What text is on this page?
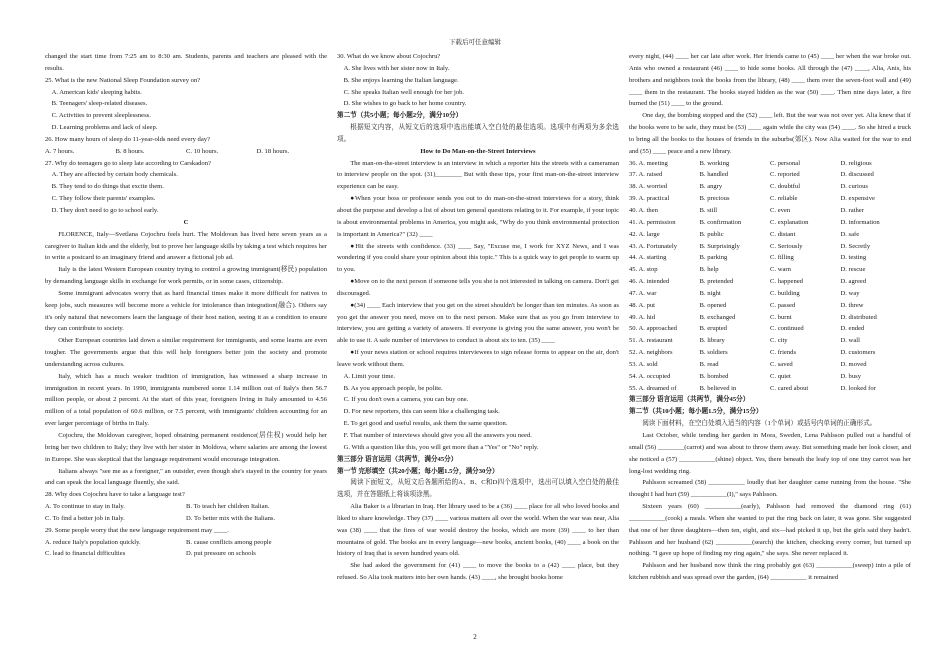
下载后可任意编辑

changed the start time from 7:25 am to 8:30 am. Students, parents and teachers are pleased with the results.

25. What is the new National Sleep Foundation survey on?

A. American kids' sleeping habits.

B. Teenagers' sleep-related diseases.

C. Activities to prevent sleeplessness.

D. Learning problems and lack of sleep.

26. How many hours of sleep do 11-year-olds need every day?

A. 7 hours.	B. 8 hours.	C. 10 hours.	D. 18 hours.

27. Why do teenagers go to sleep late according to Carskadon?

A. They are affected by certain body chemicals.

B. They tend to do things that excite them.

C. They follow their parents' examples.

D. They don't need to go to school early.

C

FLORENCE, Italy—Svetlana Cojochru feels hurt. The Moldovan has lived here seven years as a caregiver to Italian kids and the elderly, but to prove her language skills by taking a test which requires her to write a postcard to an imaginary friend and answer a fictional job ad.

Italy is the latest Western European country trying to control a growing immigrant(移民) population by demanding language skills in exchange for work permits, or in some cases, citizenship.

Some immigrant advocates worry that as hard financial times make it more difficult for natives to keep jobs, such measures will become more a vehicle for intolerance than integration(融合). Others say it's only natural that newcomers learn the language of their host nation, seeing it as a condition to ensure they can contribute to society.

Other European countries laid down a similar requirement for immigrants, and some learns are even tougher. The governments argue that this will help foreigners better join the society and promote understanding across cultures.

Italy, which has a much weaker tradition of immigration, has witnessed a sharp increase in immigration in recent years. In 1990, immigrants numbered some 1.14 million out of Italy's then 56.7 million people, or about 2 percent. At the start of this year, foreigners living in Italy amounted to 4.56 million of a total population of 60.6 million, or 7.5 percent, with immigrants' children accounting for an ever larger percentage of births in Italy.

Cojochru, the Moldovan caregiver, hoped obtaining permanent residence(居住权) would help her bring her two children to Italy; they live with her sister in Moldova, where salaries are among the lowest in Europe. She was skeptical that the language requirement would encourage integration.

Italians always "see me as a foreigner," an outsider, even though she's stayed in the country for years and can speak the local language fluently, she said.

28. Why does Cojochru have to take a language test?

A. To continue to stay in Italy.	B. To teach her children Italian.

C. To find a better job in Italy.	D. To better mix with the Italians.

29. Some people worry that the new language requirement may ____.

A. reduce Italy's population quickly.	B. cause conflicts among people

C. lead to financial difficulties	D. put pressure on schools

30. What do we know about Cojochru?

A. She lives with her sister now in Italy.

B. She enjoys learning the Italian language.

C. She speaks Italian well enough for her job.

D. She wishes to go back to her home country.

第二节（共5小题；每小题2分，满分10分）

根据短文内容，从短文后的选项中选出能填入空白处的最佳选项。选项中有两项为多余选项。

How to Do Man-on-the-Street Interviews

The man-on-the-street interview is an interview in which a reporter hits the streets with a cameraman to interview people on the spot. (31)________ But with these tips, your first man-on-the-street interview experience can be easy.

●When your boss or professor sends you out to do man-on-the-street interviews for a story, think about the purpose and develop a list of about ten general questions relating to it. For example, if your topic is about environmental problems in America, you might ask, "Why do you think environmental protection is important in America?" (32) ____

●Hit the streets with confidence. (33) ____ Say, "Excuse me, I work for XYZ News, and I was wondering if you could share your opinion about this topic." This is a quick way to get people to warm up to you.

●Move on to the next person if someone tells you she is not interested in talking on camera. Don't get discouraged.

●(34) ____ Each interview that you get on the street shouldn't be longer than ten minutes. As soon as you get the answer you need, move on to the next person. Make sure that as you go from interview to interview, you are getting a variety of answers. If everyone is giving you the same answer, you won't be able to use it. A safe number of interviews to conduct is about six to ten. (35) ____

●If your news station or school requires interviewees to sign release forms to appear on the air, don't leave work without them.

A. Limit your time.

B. As you approach people, be polite.

C. If you don't own a camera, you can buy one.

D. For new reporters, this can seem like a challenging task.

E. To get good and useful results, ask them the same question.

F. That number of interviews should give you all the answers you need.

G. With a question like this, you will get more than a "Yes" or "No" reply.

第三部分 语言运用（共两节，满分45分）

第一节 完形填空（共20小题；每小题1.5分，满分30分）

阅读下面短文，从短文后各题所给的A、B、C和D四个选项中，选出可以填入空白处的最佳选项，并在答题纸上将该项涂黑。

Alia Baker is a librarian in Iraq. Her library used to be a (36) ____ place for all who loved books and liked to share knowledge. They (37) ____ various matters all over the world. When the war was near, Alia was (38) ____ that the fires of war would destroy the books, which are more (39) ____ to her than mountains of gold. The books are in every language—new books, ancient books, (40) ____ a book on the history of Iraq that is seven hundred years old.

She had asked the government for (41) ____ to move the books to a (42) ____ place, but they refused. So Alia took matters into her own hands. (43) ____, she brought books home

every night, (44) ____ her car late after work. Her friends came to (45) ____ her when the war broke out. Anis who owned a restaurant (46) ____ to hide some books. All through the (47) ____, Alia, Anis, his brothers and neighbors took the books from the library, (48) ____ them over the seven-foot wall and (49) ____ them in the restaurant. The books stayed hidden as the war (50) ____. Then nine days later, a fire burned the (51) ____ to the ground.

One day, the bombing stopped and the (52) ____ left. But the war was not over yet. Alia knew that if the books were to be safe, they must be (53) ____ again while the city was (54) ____. So she hired a truck to bring all the books to the houses of friends in the suburbs(郊区). Now Alia waited for the war to end and (55) ____ peace and a new library.

36. A. meeting	B. working	C. personal	D. religious

37. A. raised	B. handled	C. reported	D. discussed

38. A. worried	B. angry	C. doubtful	D. curious

39. A. practical	B. precious	C. reliable	D. expensive

40. A. then	B. still	C. even	D. rather

41. A. permission	B. confirmation	C. explanation	D. information

42. A. large	B. public	C. distant	D. safe

43. A. Fortunately	B. Surprisingly	C. Seriously	D. Secretly

44. A. starting	B. parking	C. filling	D. testing

45. A. stop	B. help	C. warn	D. rescue

46. A. intended	B. pretended	C. happened	D. agreed

47. A. war	B. night	C. building	D. way

48. A. put	B. opened	C. passed	D. threw

49. A. hid	B. exchanged	C. burnt	D. distributed

50. A. approached	B. erupted	C. continued	D. ended

51. A. restaurant	B. library	C. city	D. wall

52. A. neighbors	B. soldiers	C. friends	D. customers

53. A. sold	B. read	C. saved	D. moved

54. A. occupied	B. bombed	C. quiet	D. busy

55. A. dreamed of	B. believed in	C. cared about	D. looked for

第三部分 语言运用（共两节，满分45分）

第二节（共10小题；每小题1.5分，满分15分）

阅读下面材料，在空白处填入适当的内容（1个单词）或括号内单词的正确形式。

Last October, while tending her garden in Mora, Sweden, Lena Pahlsson pulled out a handful of small (56) ________(carrot) and was about to throw them away. But something made her look closer, and she noticed a (57) ___________(shine) object. Yes, there beneath the leafy top of one tiny carrot was her long-lost wedding ring.

Pahlsson screamed (58) ___________ loudly that her daughter came running from the house. "She thought I had hurt (59) ___________(I)," says Pahlsson.

Sixteen years (60) ___________(early), Pahlsson had removed the diamond ring (61) ___________(cook) a meals. When she wanted to put the ring back on later, it was gone. She suggested that one of her three daughters—then ten, eight, and six—had picked it up, but the girls said they hadn't. Pahlsson and her husband (62) ___________(search) the kitchen, checking every corner, but turned up nothing. "I gave up hope of finding my ring again," she says. She never replaced it.

Pahlsson and her husband now think the ring probably got (63) ___________(sweep) into a pile of kitchen rubbish and was spread over the garden, (64) ___________ it remained

2
